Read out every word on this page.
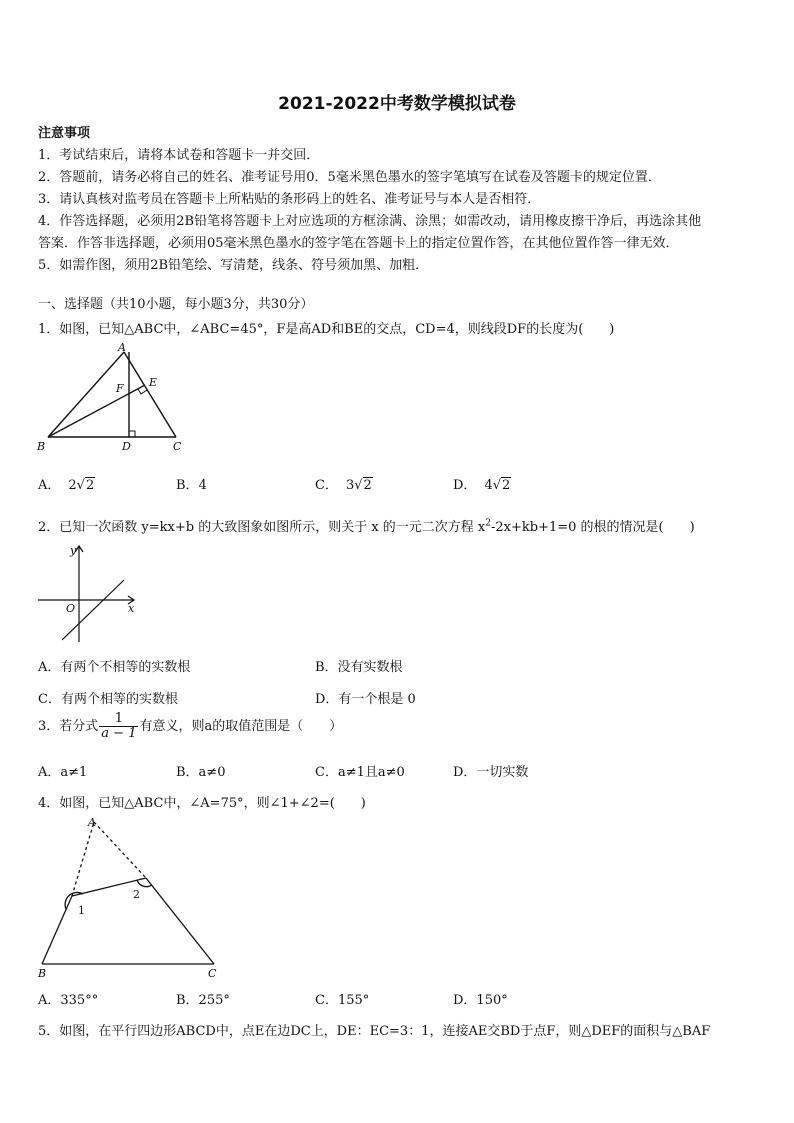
2021-2022中考数学模拟试卷
注意事项
1．考试结束后，请将本试卷和答题卡一并交回．
2．答题前，请务必将自己的姓名、准考证号用0．5毫米黑色墨水的签字笔填写在试卷及答题卡的规定位置．
3．请认真核对监考员在答题卡上所粘贴的条形码上的姓名、准考证号与本人是否相符．
4．作答选择题，必须用2B铅笔将答题卡上对应选项的方框涂满、涂黑；如需改动，请用橡皮擦干净后，再选涂其他
答案．作答非选择题，必须用05毫米黑色墨水的签字笔在答题卡上的指定位置作答，在其他位置作答一律无效．
5．如需作图，须用2B铅笔绘、写清楚，线条、符号须加黑、加粗．
一、选择题（共10小题，每小题3分，共30分）
1．如图，已知△ABC中，∠ABC=45°，F是高AD和BE的交点，CD=4，则线段DF的长度为(　　)
A
B	C
D
E
F
A． 2√2	B．4	C． 3√2	D． 4√2
2．已知一次函数 y=kx+b 的大致图象如图所示，则关于 x 的一元二次方程 $x^2-2x+kb+1=0$ 的根的情况是(　　)
y
x
O
A．有两个不相等的实数根	B．没有实数根
C．有两个相等的实数根	D．有一个根是 0
3．若分式 $\frac{1}{a - 1}$ 有意义，则a的取值范围是（　　）
A．a≠1	B．a≠0	C．a≠1且a≠0	D．一切实数
4．如图，已知△ABC中，∠A=75°，则∠1+∠2=(　　)
A
B	C
1
2
A．335°°	B．255°	C．155°	D．150°
5．如图，在平行四边形ABCD中，点E在边DC上，DE：EC=3：1，连接AE交BD于点F，则△DEF的面积与△BAF
